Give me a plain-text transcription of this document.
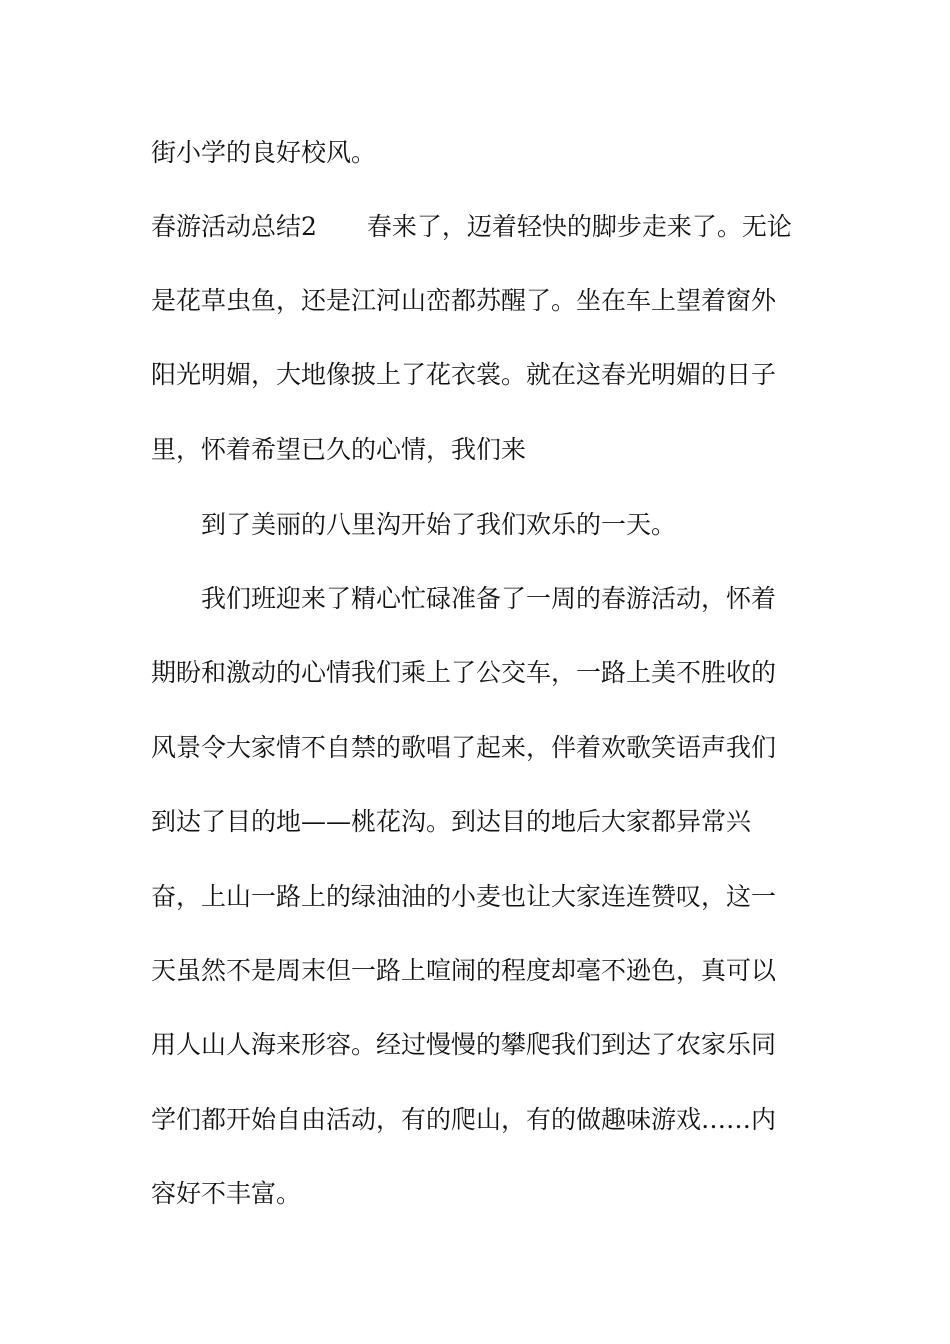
街小学的良好校风。
春游活动总结2　　春来了，迈着轻快的脚步走来了。无论
是花草虫鱼，还是江河山峦都苏醒了。坐在车上望着窗外
阳光明媚，大地像披上了花衣裳。就在这春光明媚的日子
里，怀着希望已久的心情，我们来
到了美丽的八里沟开始了我们欢乐的一天。
我们班迎来了精心忙碌准备了一周的春游活动，怀着
期盼和激动的心情我们乘上了公交车，一路上美不胜收的
风景令大家情不自禁的歌唱了起来，伴着欢歌笑语声我们
到达了目的地——桃花沟。到达目的地后大家都异常兴
奋，上山一路上的绿油油的小麦也让大家连连赞叹，这一
天虽然不是周末但一路上喧闹的程度却毫不逊色，真可以
用人山人海来形容。经过慢慢的攀爬我们到达了农家乐同
学们都开始自由活动，有的爬山，有的做趣味游戏……内
容好不丰富。
